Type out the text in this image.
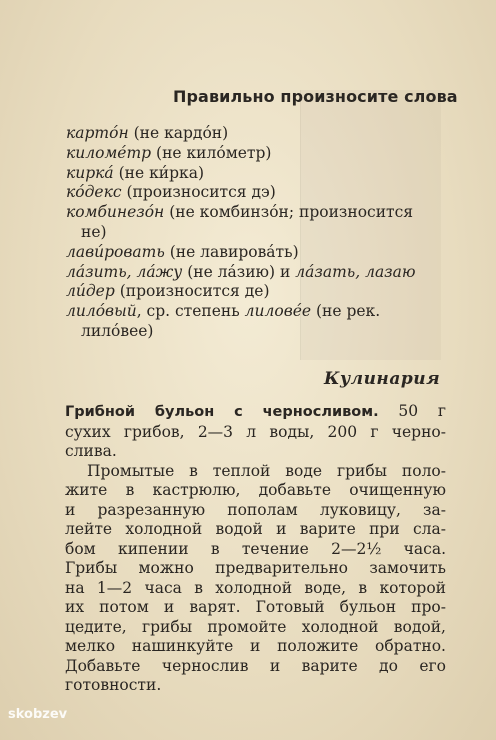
Правильно произносите слова
карто́н (не кардо́н)
киломе́тр (не кило́метр)
кирка́ (не ки́рка)
ко́декс (произносится дэ)
комбинезо́н (не комбинзо́н; произносится
не)
лави́ровать (не лавирова́ть)
ла́зить, ла́жу (не ла́зию) и ла́зать, лазаю
ли́дер (произносится де)
лило́вый, ср. степень лилове́е (не рек.
лило́вее)
Кулинария
Грибной бульон с черносливом. 50 г
сухих грибов, 2—3 л воды, 200 г черно-
слива.
Промытые в теплой воде грибы поло-
жите в кастрюлю, добавьте очищенную
и разрезанную пополам луковицу, за-
лейте холодной водой и варите при сла-
бом кипении в течение 2—2½ часа.
Грибы можно предварительно замочить
на 1—2 часа в холодной воде, в которой
их потом и варят. Готовый бульон про-
цедите, грибы промойте холодной водой,
мелко нашинкуйте и положите обратно.
Добавьте чернослив и варите до его
готовности.
skobzev
